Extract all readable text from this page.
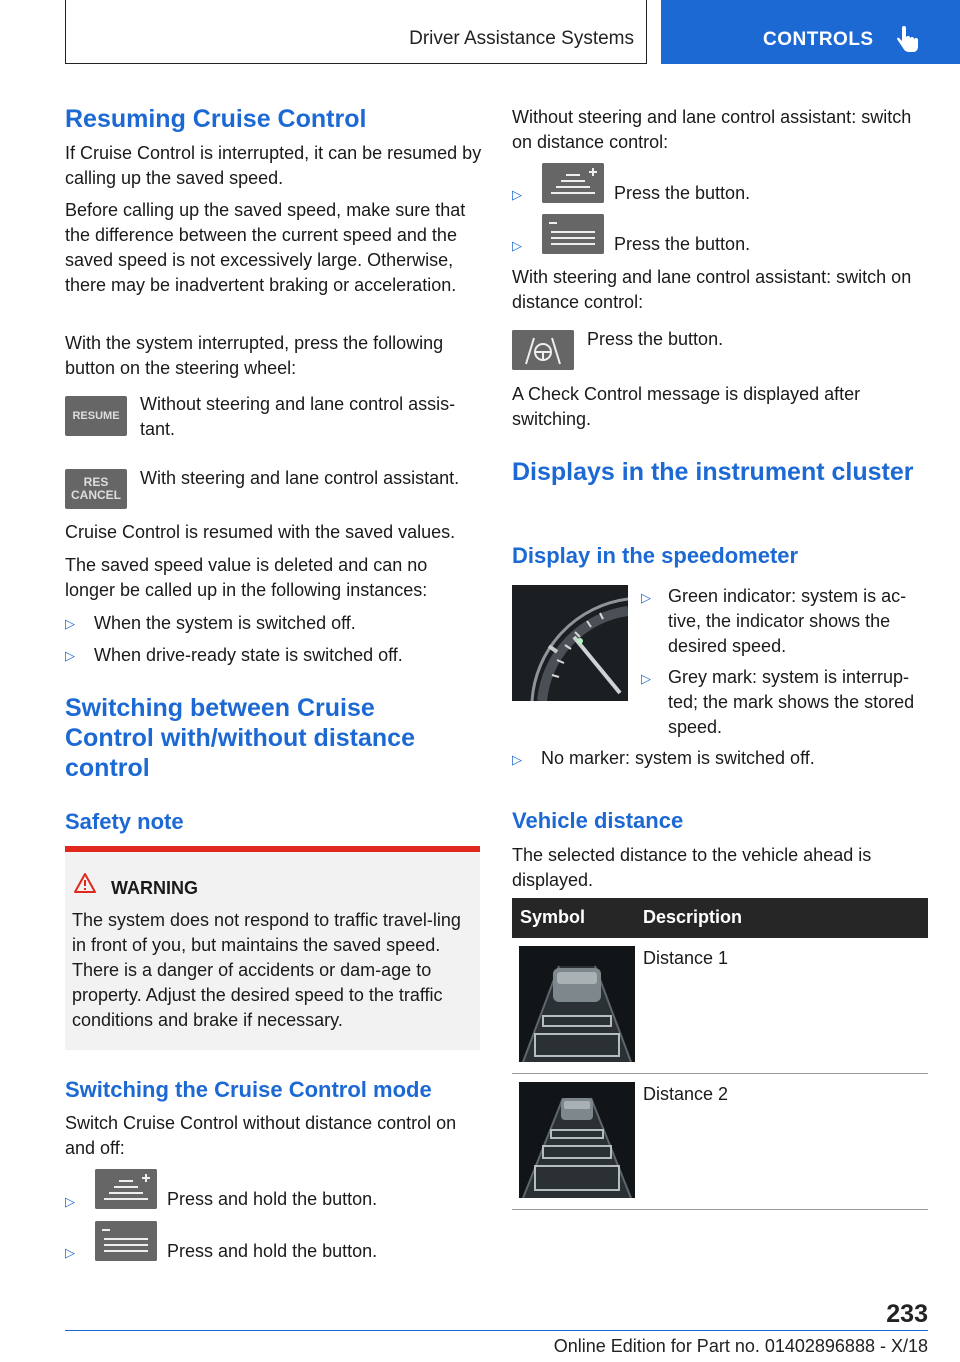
Driver Assistance Systems	CONTROLS
Resuming Cruise Control

If Cruise Control is interrupted, it can be resumed by calling up the saved speed.

Before calling up the saved speed, make sure that the difference between the current speed and the saved speed is not excessively large. Otherwise, there may be inadvertent braking or acceleration.

With the system interrupted, press the following button on the steering wheel:

RESUME

Without steering and lane control assis-tant.

RES
CANCEL

With steering and lane control assistant.

Cruise Control is resumed with the saved values.

The saved speed value is deleted and can no longer be called up in the following instances:

▷ When the system is switched off.

▷ When drive-ready state is switched off.

Switching between Cruise Control with/without distance control
Safety note
WARNING

The system does not respond to traffic travel-ling in front of you, but maintains the saved speed. There is a danger of accidents or dam-age to property. Adjust the desired speed to the traffic conditions and brake if necessary.

Switching the Cruise Control mode

Switch Cruise Control without distance control on and off:

▷	Press and hold the button.

▷	Press and hold the button.

Without steering and lane control assistant: switch on distance control:

▷	Press the button.

▷	Press the button.

With steering and lane control assistant: switch on distance control:

Press the button.

A Check Control message is displayed after switching.

Displays in the instrument cluster
Display in the speedometer
▷ Green indicator: system is ac-tive, the indicator shows the desired speed.

▷ Grey mark: system is interrup-ted; the mark shows the stored speed.

▷ No marker: system is switched off.

Vehicle distance

The selected distance to the vehicle ahead is displayed.

Symbol	Description

Distance 1

Distance 2

233
Online Edition for Part no. 01402896888 - X/18
